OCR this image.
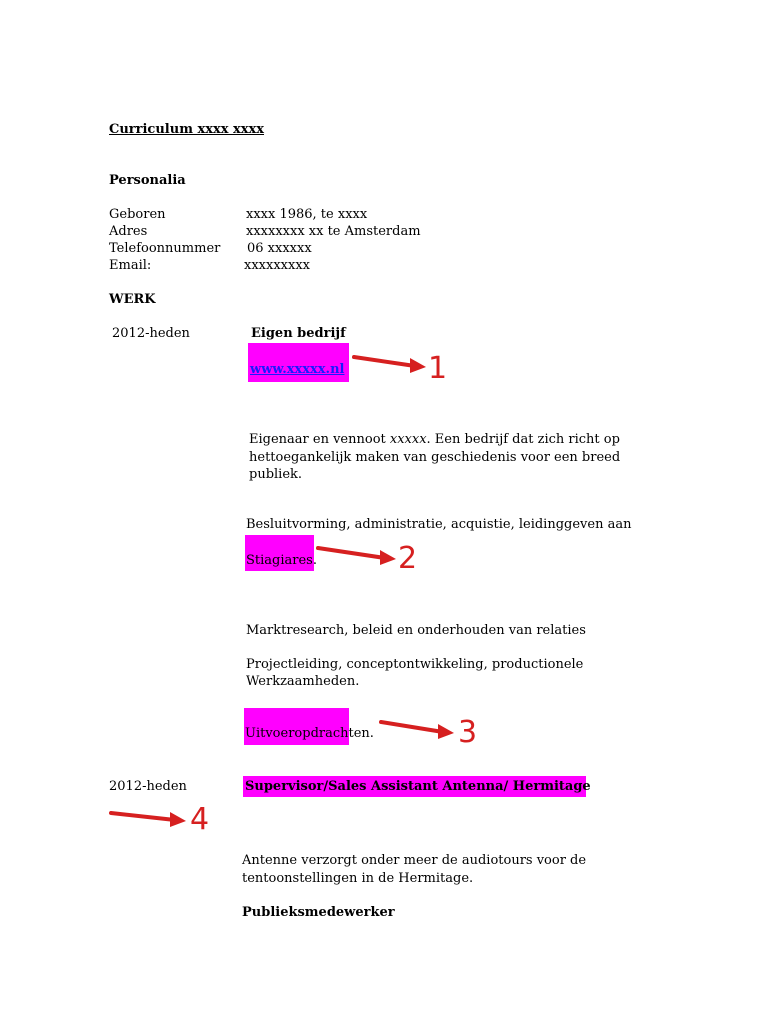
Curriculum xxxx xxxx
Personalia
Geboren	xxxx 1986, te xxxx
Adres	xxxxxxxx xx te Amsterdam
Telefoonnummer 06 xxxxxx
Email:	xxxxxxxxx
WERK
2012-heden	Eigen bedrijf
www.xxxxx.nl
Eigenaar en vennoot xxxxx. Een bedrijf dat zich richt op
hettoegankelijk maken van geschiedenis voor een breed
publiek.
Besluitvorming, administratie, acquistie, leidinggeven aan
Stiagiares.
Marktresearch, beleid en onderhouden van relaties
Projectleiding, conceptontwikkeling, productionele
Werkzaamheden.
Uitvoeropdrachten.
2012-heden	Supervisor/Sales Assistant Antenna/ Hermitage
Antenne verzorgt onder meer de audiotours voor de
tentoonstellingen in de Hermitage.
Publieksmedewerker
1
2
3
4
